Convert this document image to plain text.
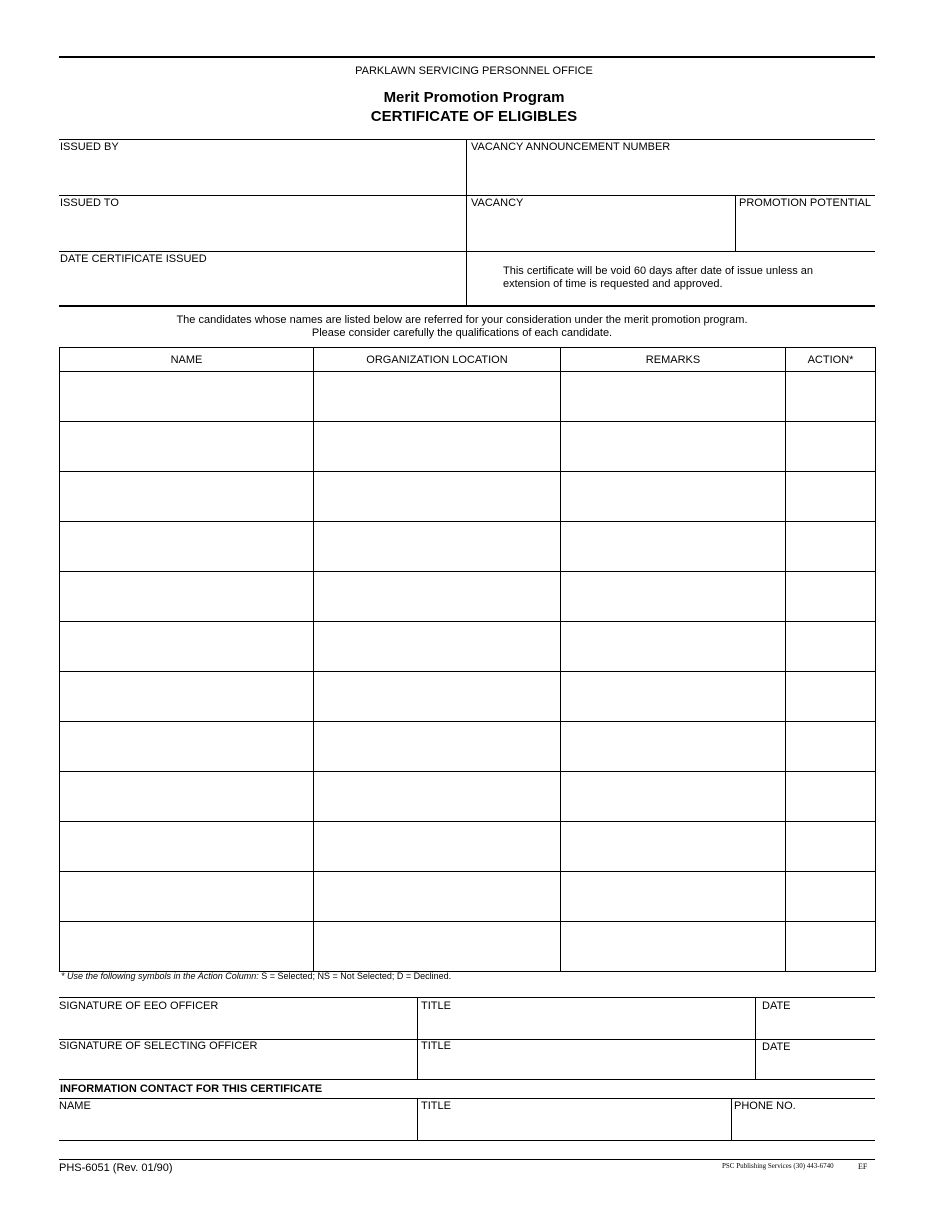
PARKLAWN SERVICING PERSONNEL OFFICE
Merit Promotion Program
CERTIFICATE OF ELIGIBLES
ISSUED BY	VACANCY ANNOUNCEMENT NUMBER
ISSUED TO	VACANCY	PROMOTION POTENTIAL
DATE CERTIFICATE ISSUED
This certificate will be void 60 days after date of issue unless an
extension of time is requested and approved.
The candidates whose names are listed below are referred for your consideration under the merit promotion program.
Please consider carefully the qualifications of each candidate.
NAME	ORGANIZATION LOCATION	REMARKS	ACTION*

* Use the following symbols in the Action Column: S = Selected; NS = Not Selected; D = Declined.
SIGNATURE OF EEO OFFICER	TITLE	DATE
SIGNATURE OF SELECTING OFFICER	TITLE	DATE
INFORMATION CONTACT FOR THIS CERTIFICATE
NAME	TITLE	PHONE NO.
PHS-6051 (Rev. 01/90)	PSC Publishing Services (30) 443-6740	EF
